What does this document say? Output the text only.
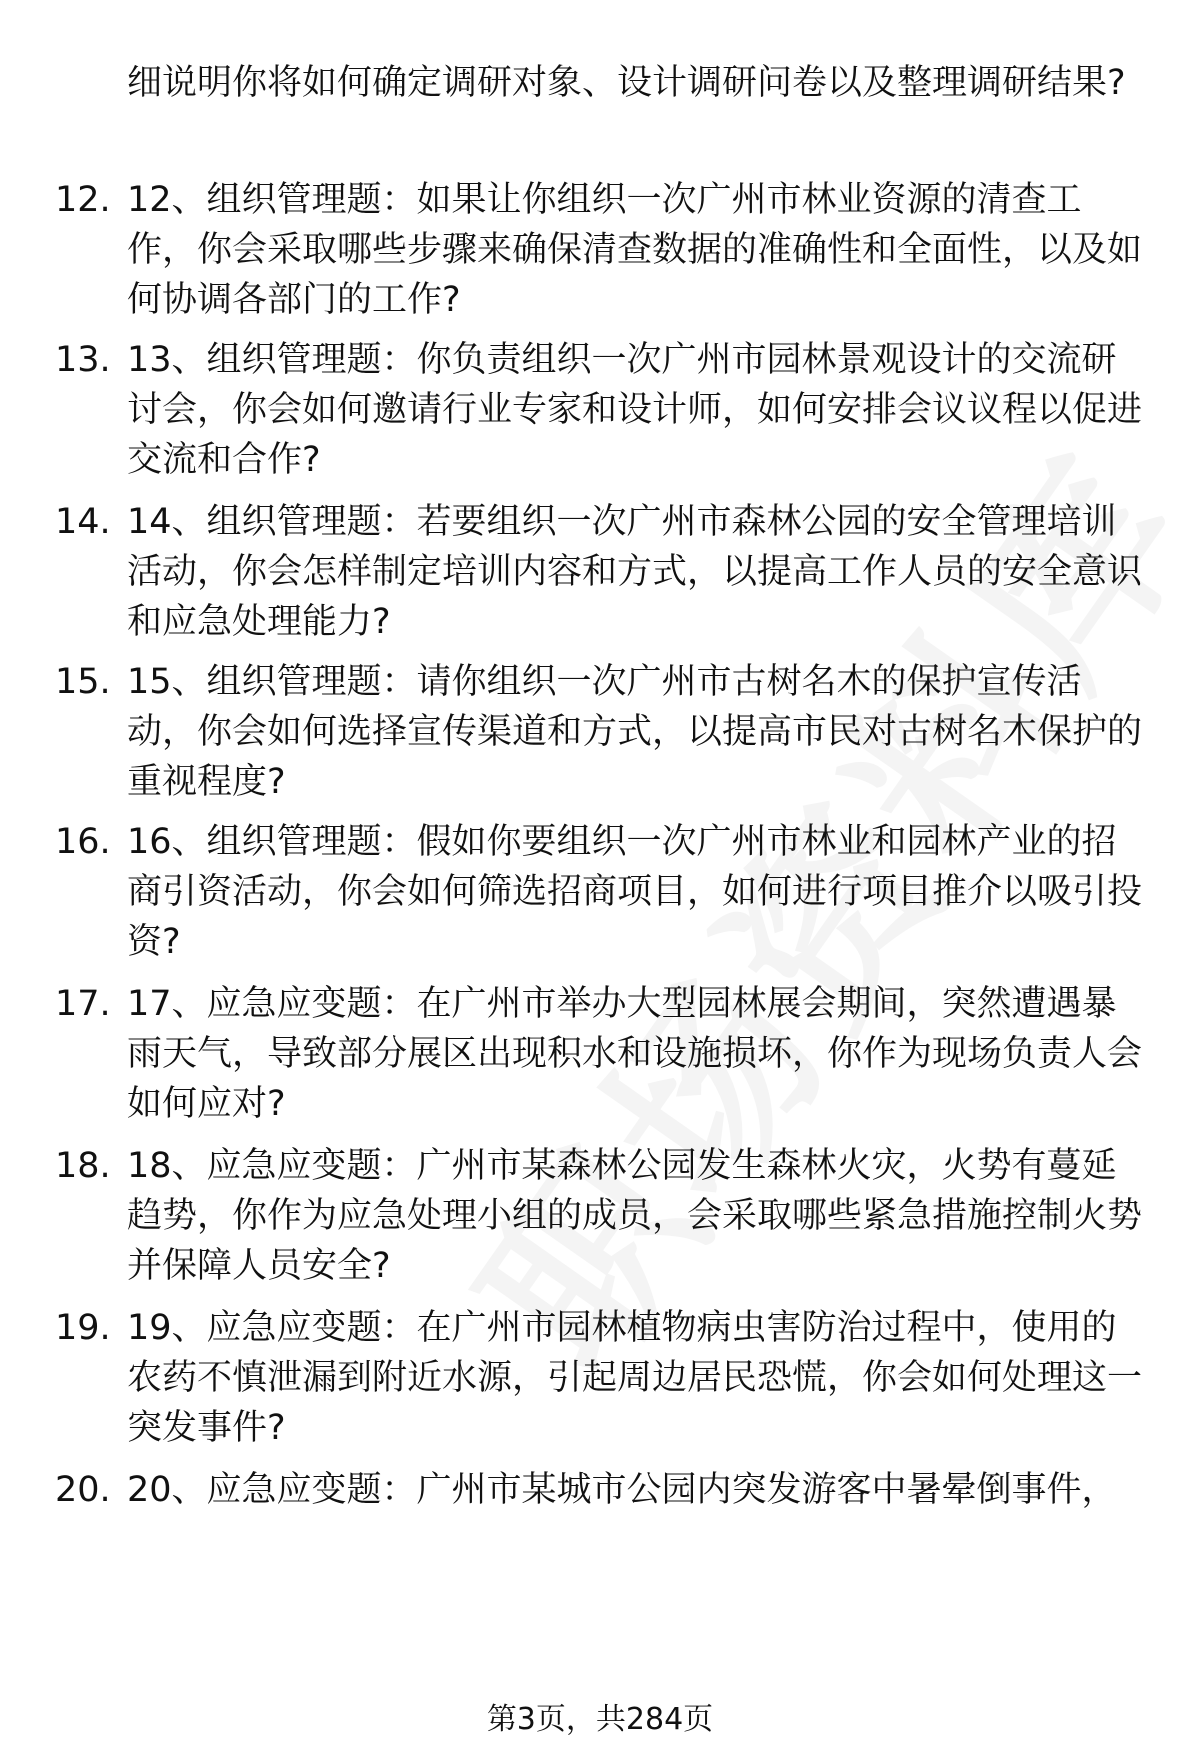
细说明你将如何确定调研对象、设计调研问卷以及整理调研结果?
12. 12、组织管理题：如果让你组织一次广州市林业资源的清查工作，你会采取哪些步骤来确保清查数据的准确性和全面性，以及如何协调各部门的工作?
13. 13、组织管理题：你负责组织一次广州市园林景观设计的交流研讨会，你会如何邀请行业专家和设计师，如何安排会议议程以促进交流和合作?
14. 14、组织管理题：若要组织一次广州市森林公园的安全管理培训活动，你会怎样制定培训内容和方式，以提高工作人员的安全意识和应急处理能力?
15. 15、组织管理题：请你组织一次广州市古树名木的保护宣传活动，你会如何选择宣传渠道和方式，以提高市民对古树名木保护的重视程度?
16. 16、组织管理题：假如你要组织一次广州市林业和园林产业的招商引资活动，你会如何筛选招商项目，如何进行项目推介以吸引投资?
17. 17、应急应变题：在广州市举办大型园林展会期间，突然遭遇暴雨天气，导致部分展区出现积水和设施损坏，你作为现场负责人会如何应对?
18. 18、应急应变题：广州市某森林公园发生森林火灾，火势有蔓延趋势，你作为应急处理小组的成员，会采取哪些紧急措施控制火势并保障人员安全?
19. 19、应急应变题：在广州市园林植物病虫害防治过程中，使用的农药不慎泄漏到附近水源，引起周边居民恐慌，你会如何处理这一突发事件?
20. 20、应急应变题：广州市某城市公园内突发游客中暑晕倒事件，
第3页，共284页
